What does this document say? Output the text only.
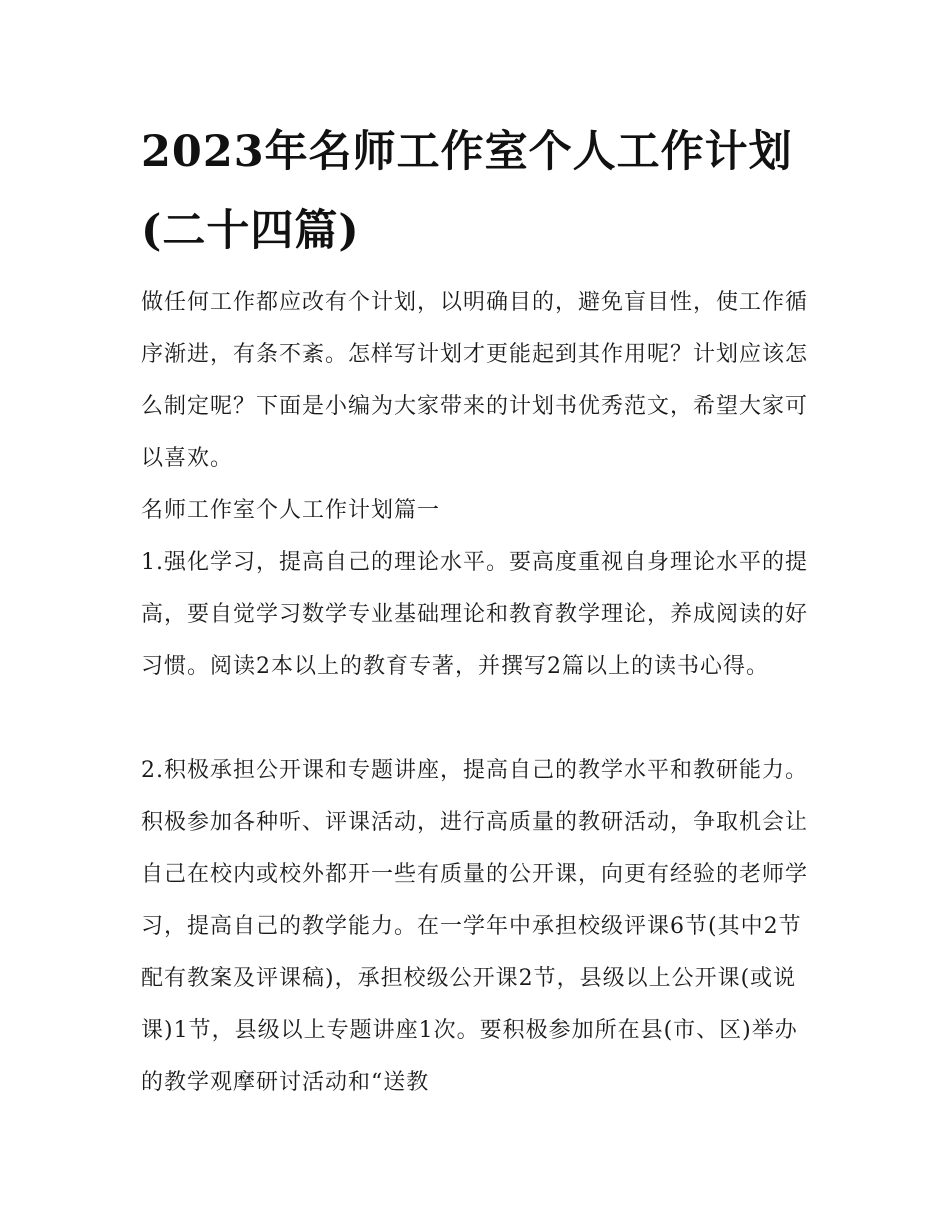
2023年名师工作室个人工作计划(二十四篇)

做任何工作都应改有个计划，以明确目的，避免盲目性，使工作循序渐进，有条不紊。怎样写计划才更能起到其作用呢？计划应该怎么制定呢？下面是小编为大家带来的计划书优秀范文，希望大家可以喜欢。

名师工作室个人工作计划篇一

1.强化学习，提高自己的理论水平。要高度重视自身理论水平的提高，要自觉学习数学专业基础理论和教育教学理论，养成阅读的好习惯。阅读2本以上的教育专著，并撰写2篇以上的读书心得。

2.积极承担公开课和专题讲座，提高自己的教学水平和教研能力。积极参加各种听、评课活动，进行高质量的教研活动，争取机会让自己在校内或校外都开一些有质量的公开课，向更有经验的老师学习，提高自己的教学能力。在一学年中承担校级评课6节(其中2节配有教案及评课稿)，承担校级公开课2节，县级以上公开课(或说课)1节，县级以上专题讲座1次。要积极参加所在县(市、区)举办的教学观摩研讨活动和“送教
